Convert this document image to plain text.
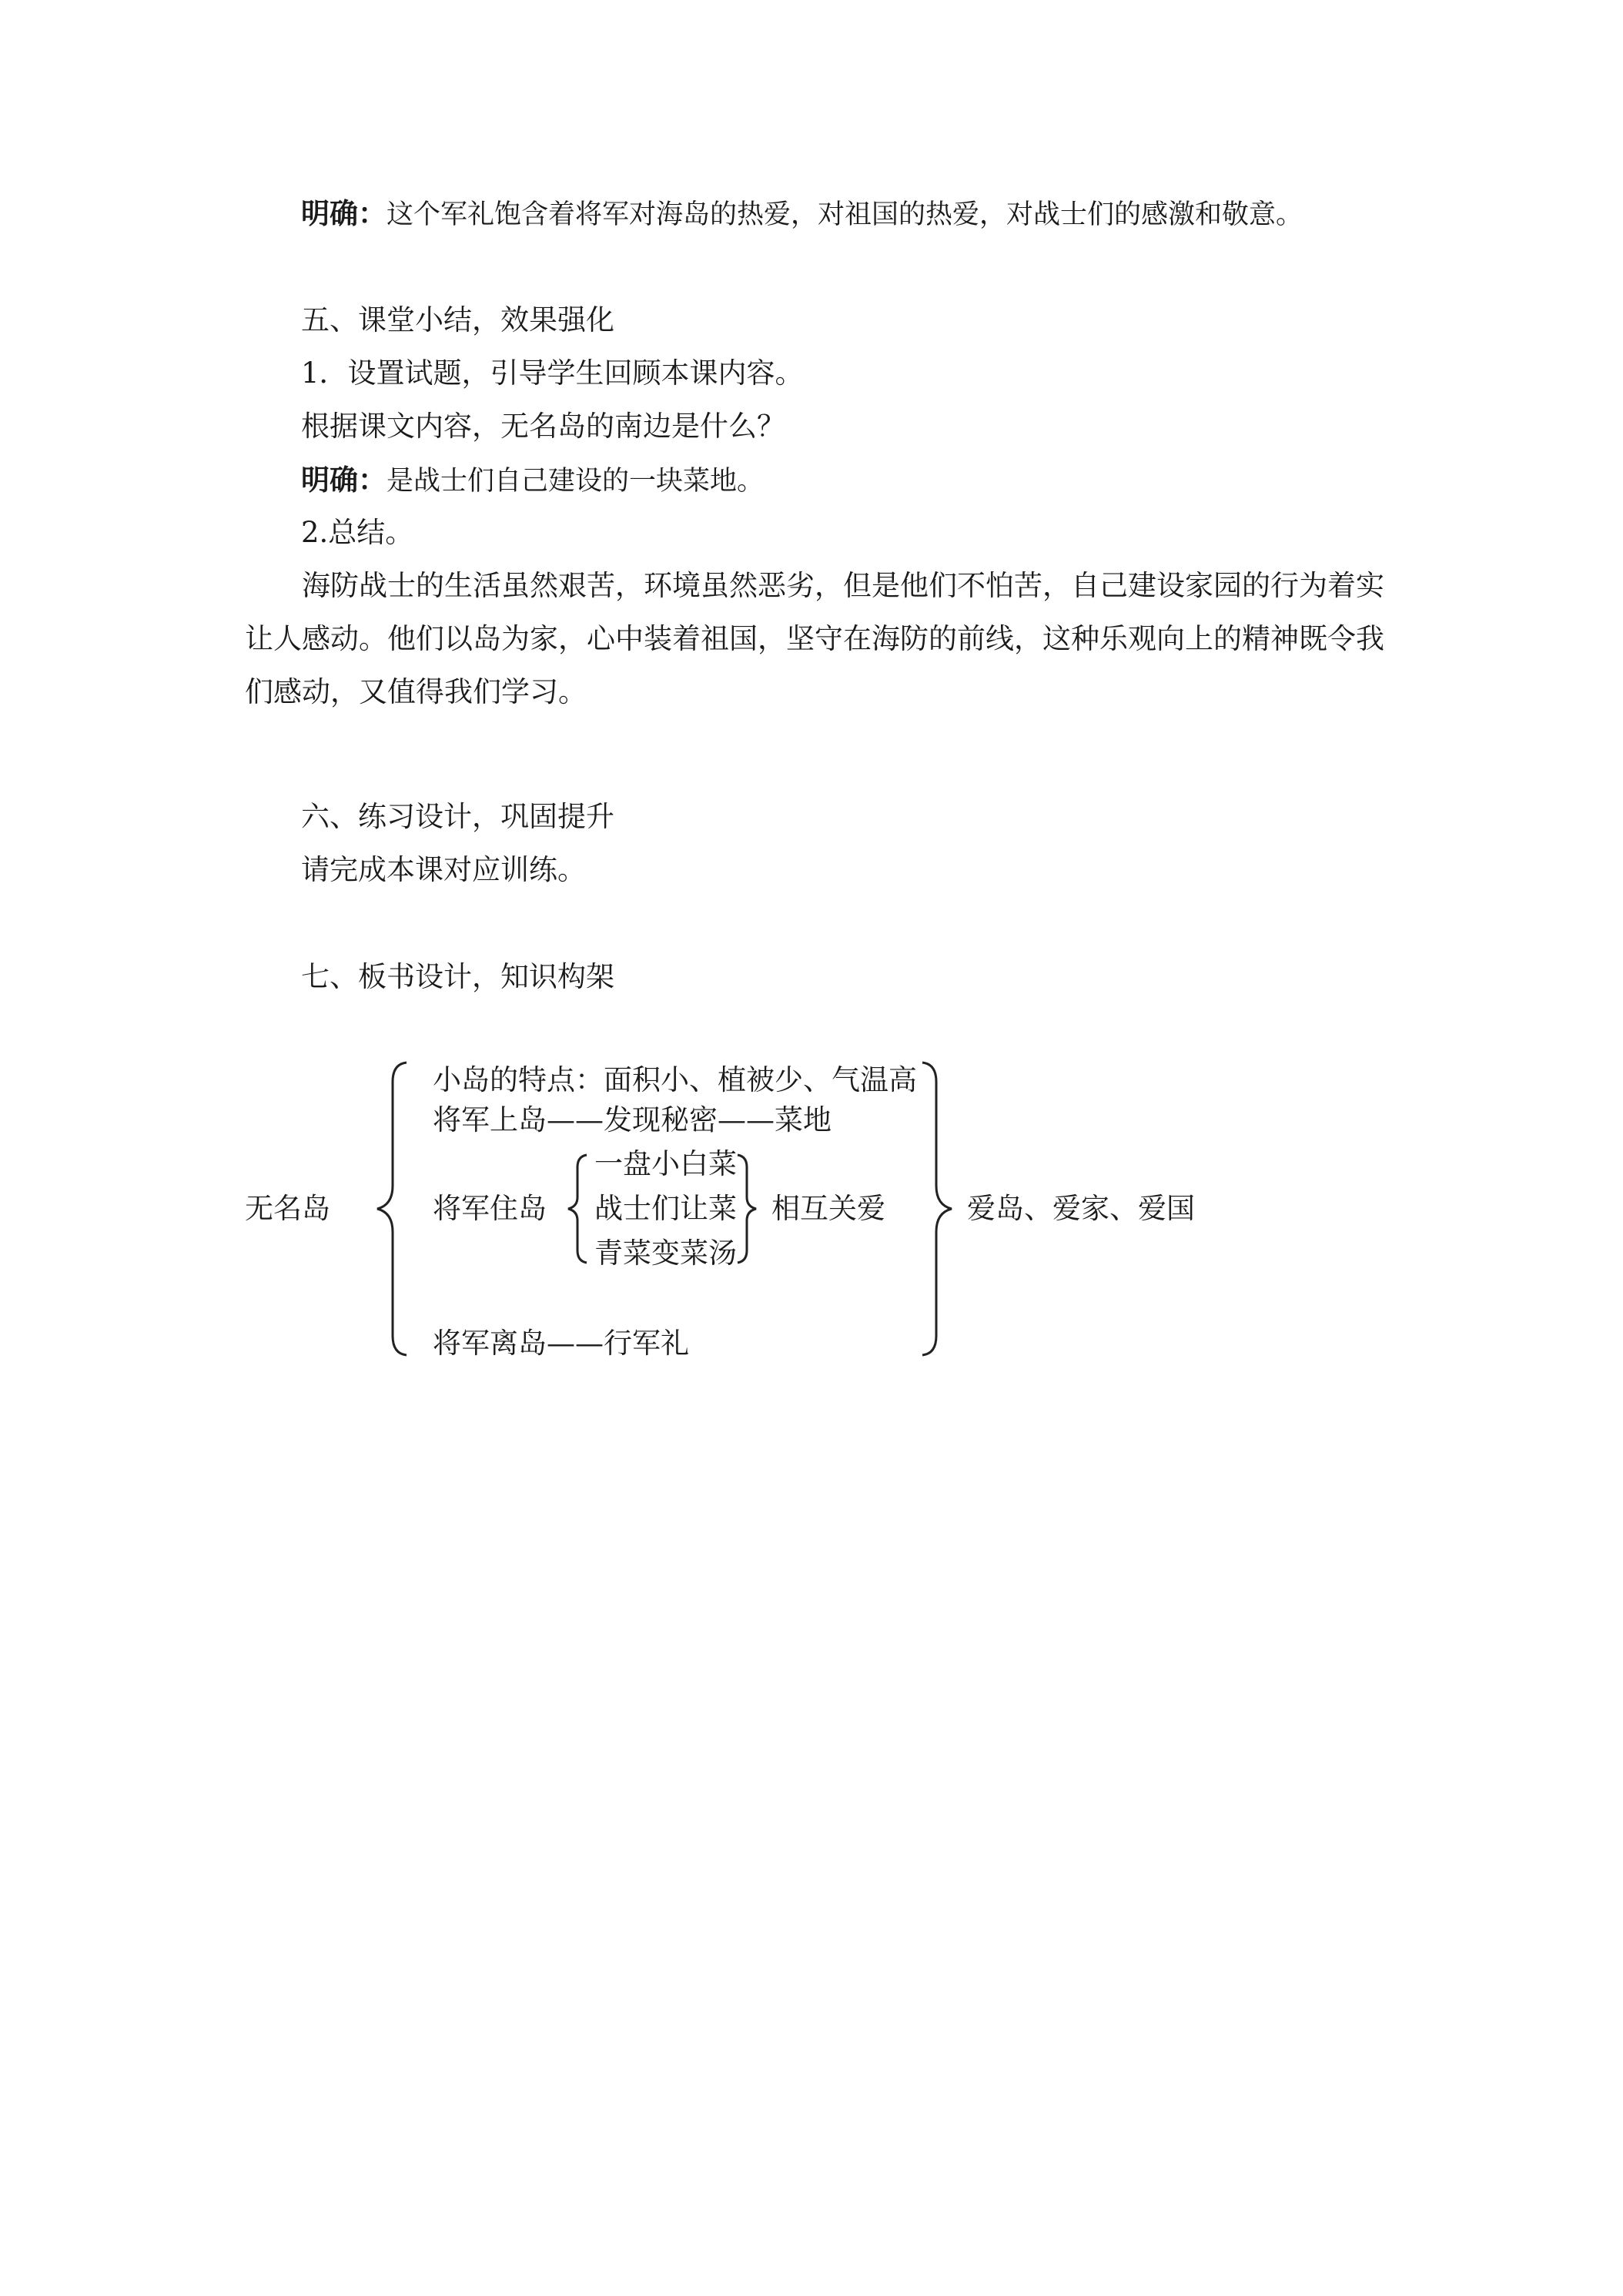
明确：这个军礼饱含着将军对海岛的热爱，对祖国的热爱，对战士们的感激和敬意。
五、课堂小结，效果强化
1．设置试题，引导学生回顾本课内容。
根据课文内容，无名岛的南边是什么？
明确：是战士们自己建设的一块菜地。
2.总结。
海防战士的生活虽然艰苦，环境虽然恶劣，但是他们不怕苦，自己建设家园的行为着实让人感动。他们以岛为家，心中装着祖国，坚守在海防的前线，这种乐观向上的精神既令我们感动，又值得我们学习。
六、练习设计，巩固提升
请完成本课对应训练。
七、板书设计，知识构架
无名岛
小岛的特点：面积小、植被少、气温高
将军上岛——发现秘密——菜地
将军住岛
一盘小白菜
战士们让菜
青菜变菜汤
相互关爱
将军离岛——行军礼
爱岛、爱家、爱国
